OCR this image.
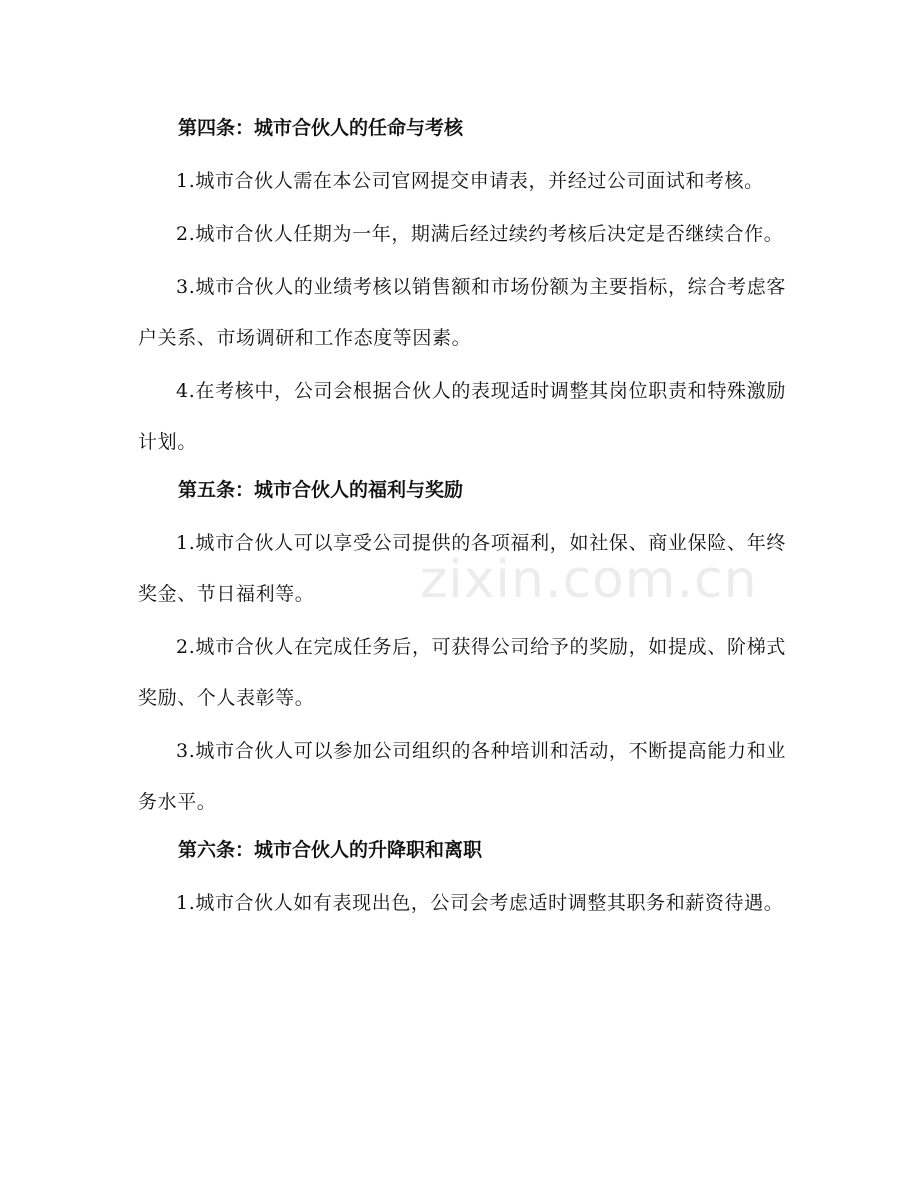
zixin.com.cn

第四条：城市合伙人的任命与考核

1.城市合伙人需在本公司官网提交申请表，并经过公司面试和考核。

2.城市合伙人任期为一年，期满后经过续约考核后决定是否继续合作。

3.城市合伙人的业绩考核以销售额和市场份额为主要指标，综合考虑客户关系、市场调研和工作态度等因素。

4.在考核中，公司会根据合伙人的表现适时调整其岗位职责和特殊激励计划。

第五条：城市合伙人的福利与奖励

1.城市合伙人可以享受公司提供的各项福利，如社保、商业保险、年终奖金、节日福利等。

2.城市合伙人在完成任务后，可获得公司给予的奖励，如提成、阶梯式奖励、个人表彰等。

3.城市合伙人可以参加公司组织的各种培训和活动，不断提高能力和业务水平。

第六条：城市合伙人的升降职和离职

1.城市合伙人如有表现出色，公司会考虑适时调整其职务和薪资待遇。
